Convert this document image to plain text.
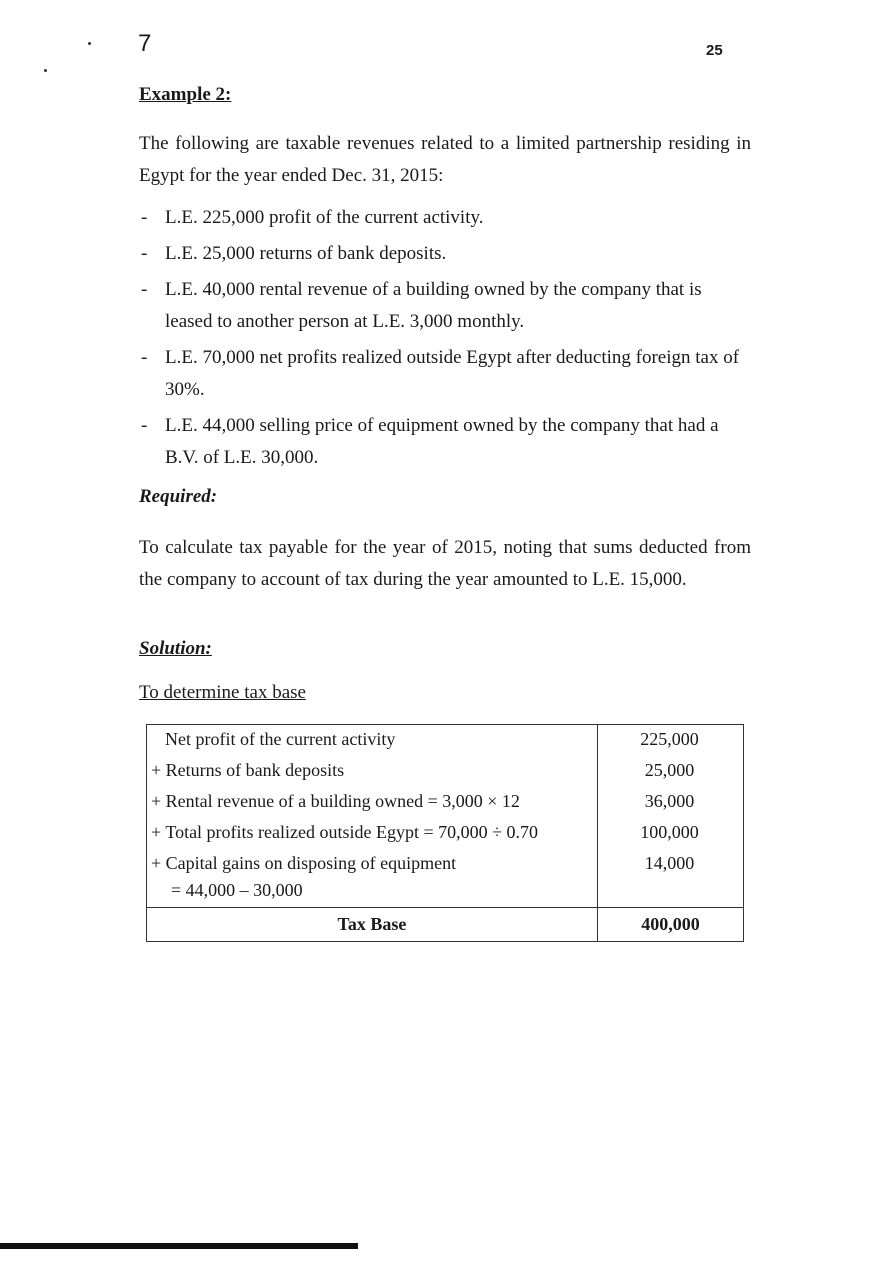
7	25
Example 2:
The following are taxable revenues related to a limited partnership residing in Egypt for the year ended Dec. 31, 2015:
- L.E. 225,000 profit of the current activity.
- L.E. 25,000 returns of bank deposits.
- L.E. 40,000 rental revenue of a building owned by the company that is leased to another person at L.E. 3,000 monthly.
- L.E. 70,000 net profits realized outside Egypt after deducting foreign tax of 30%.
- L.E. 44,000 selling price of equipment owned by the company that had a B.V. of L.E. 30,000.
Required:
To calculate tax payable for the year of 2015, noting that sums deducted from the company to account of tax during the year amounted to L.E. 15,000.
Solution:
To determine tax base
Net profit of the current activity	225,000
+ Returns of bank deposits	25,000
+ Rental revenue of a building owned = 3,000 × 12	36,000
+ Total profits realized outside Egypt = 70,000 ÷ 0.70	100,000

+ Capital gains on disposing of equipment
= 44,000 – 30,000	14,000
Tax Base	400,000
